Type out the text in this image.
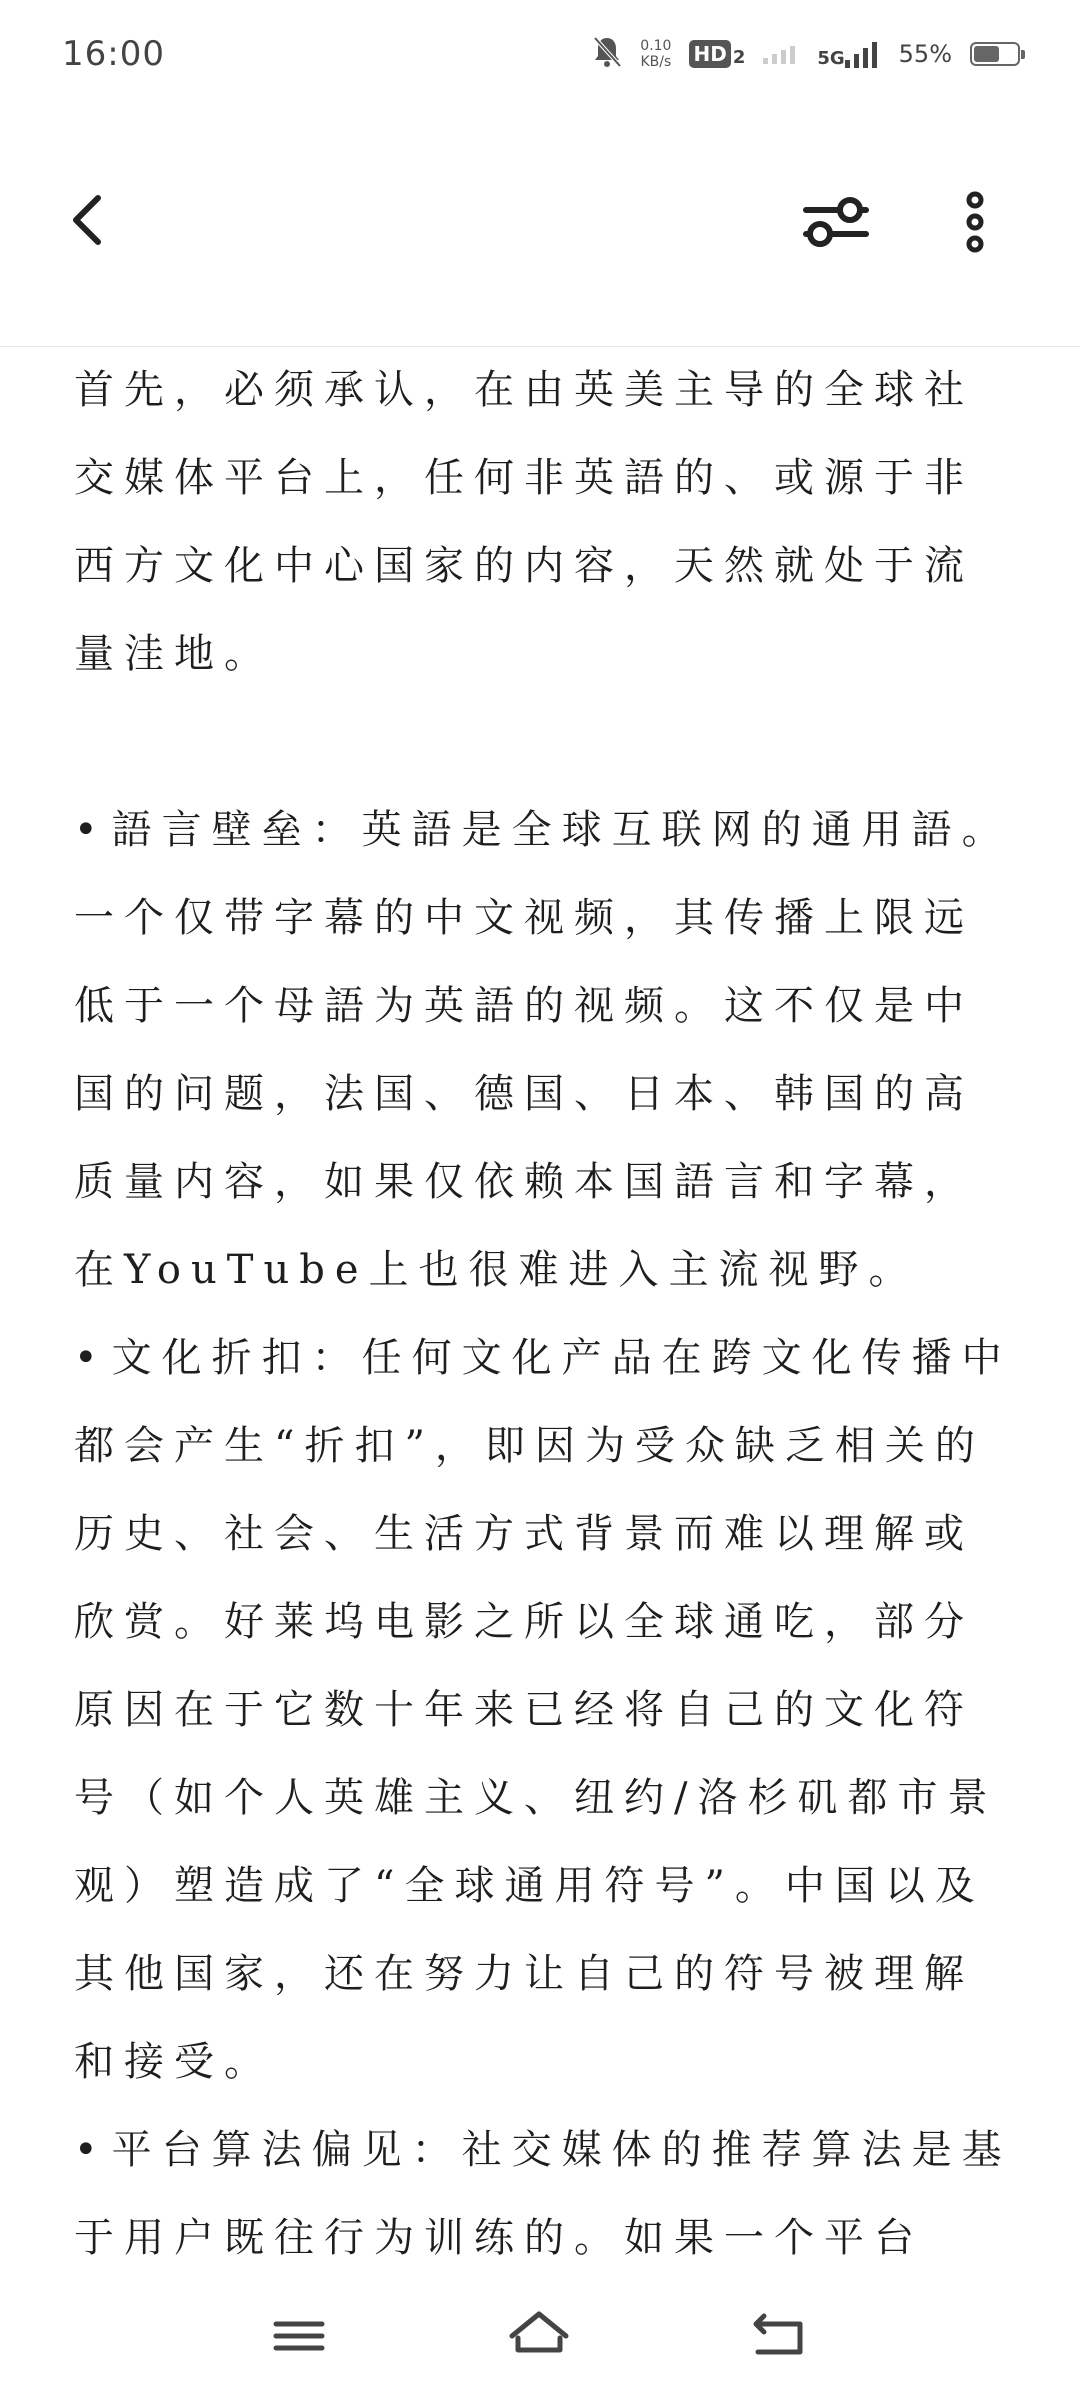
16:00	0.10
KB/s HD 2	5G 55%

首先，必须承认，在由英美主导的全球社交媒体平台上，任何非英語的、或源于非西方文化中心国家的内容，天然就处于流量洼地。

• 語言壁垒：英語是全球互联网的通用語。一个仅带字幕的中文视频，其传播上限远低于一个母語为英語的视频。这不仅是中国的问题，法国、德国、日本、韩国的高质量内容，如果仅依赖本国語言和字幕，在YouTube上也很难进入主流视野。

• 文化折扣：任何文化产品在跨文化传播中都会产生“折扣”，即因为受众缺乏相关的历史、社会、生活方式背景而难以理解或欣赏。好莱坞电影之所以全球通吃，部分原因在于它数十年来已经将自己的文化符号（如个人英雄主义、纽约/洛杉矶都市景观）塑造成了“全球通用符号”。中国以及其他国家，还在努力让自己的符号被理解和接受。

• 平台算法偏见：社交媒体的推荐算法是基于用户既往行为训练的。如果一个平台
